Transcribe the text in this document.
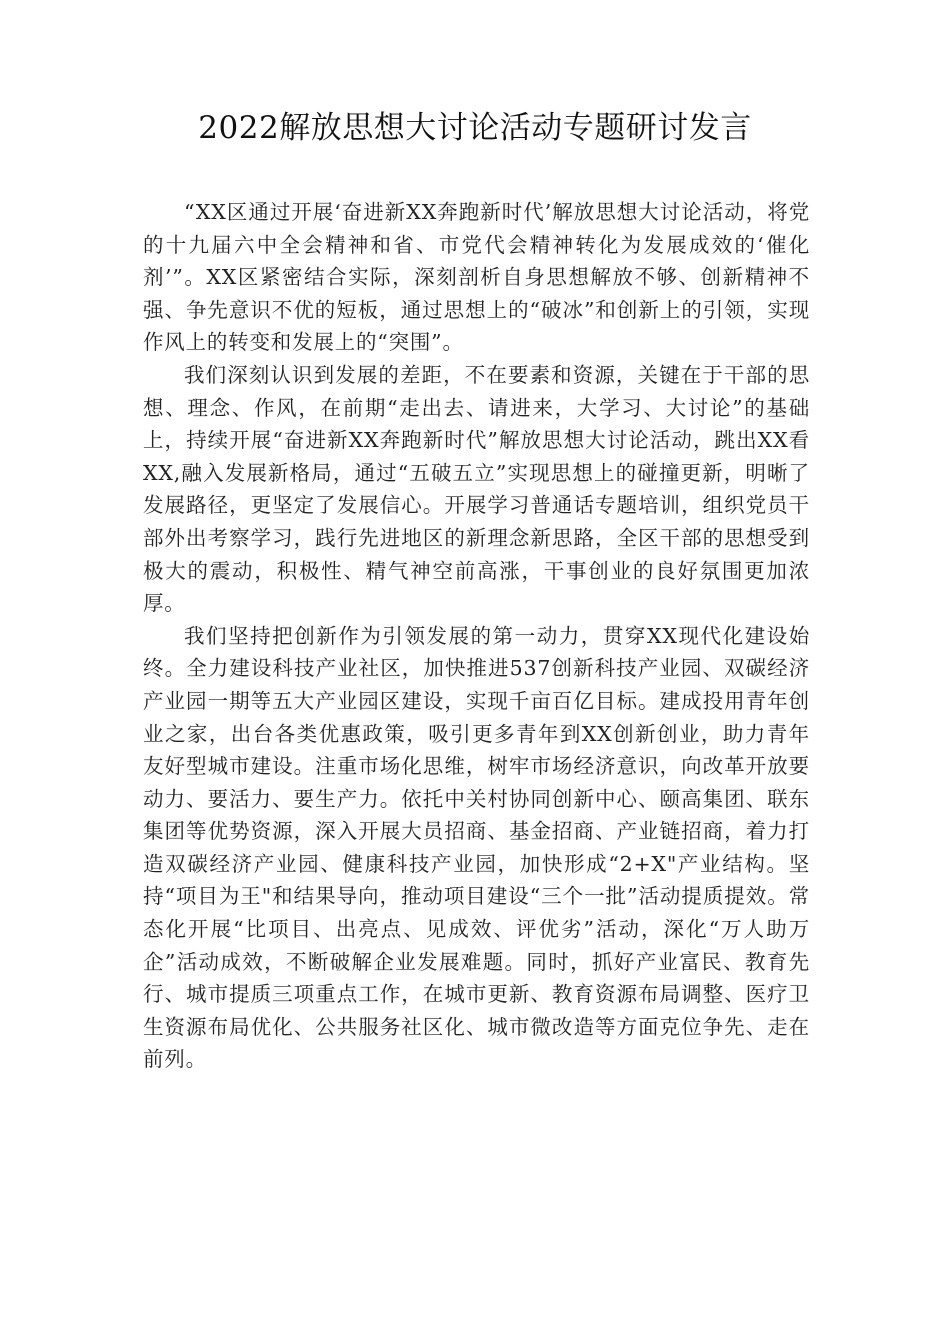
2022解放思想大讨论活动专题研讨发言

“XX区通过开展‘奋进新XX奔跑新时代’解放思想大讨论活动，将党的十九届六中全会精神和省、市党代会精神转化为发展成效的‘催化剂’”。XX区紧密结合实际，深刻剖析自身思想解放不够、创新精神不强、争先意识不优的短板，通过思想上的“破冰”和创新上的引领，实现作风上的转变和发展上的“突围”。

我们深刻认识到发展的差距，不在要素和资源，关键在于干部的思想、理念、作风，在前期“走出去、请进来，大学习、大讨论”的基础上，持续开展“奋进新XX奔跑新时代”解放思想大讨论活动，跳出XX看XX,融入发展新格局，通过“五破五立”实现思想上的碰撞更新，明晰了发展路径，更坚定了发展信心。开展学习普通话专题培训，组织党员干部外出考察学习，践行先进地区的新理念新思路，全区干部的思想受到极大的震动，积极性、精气神空前高涨，干事创业的良好氛围更加浓厚。

我们坚持把创新作为引领发展的第一动力，贯穿XX现代化建设始终。全力建设科技产业社区，加快推进537创新科技产业园、双碳经济产业园一期等五大产业园区建设，实现千亩百亿目标。建成投用青年创业之家，出台各类优惠政策，吸引更多青年到XX创新创业，助力青年友好型城市建设。注重市场化思维，树牢市场经济意识，向改革开放要动力、要活力、要生产力。依托中关村协同创新中心、颐高集团、联东集团等优势资源，深入开展大员招商、基金招商、产业链招商，着力打造双碳经济产业园、健康科技产业园，加快形成“2+X"产业结构。坚持“项目为王"和结果导向，推动项目建设“三个一批”活动提质提效。常态化开展“比项目、出亮点、见成效、评优劣”活动，深化“万人助万企”活动成效，不断破解企业发展难题。同时，抓好产业富民、教育先行、城市提质三项重点工作，在城市更新、教育资源布局调整、医疗卫生资源布局优化、公共服务社区化、城市微改造等方面克位争先、走在前列。
